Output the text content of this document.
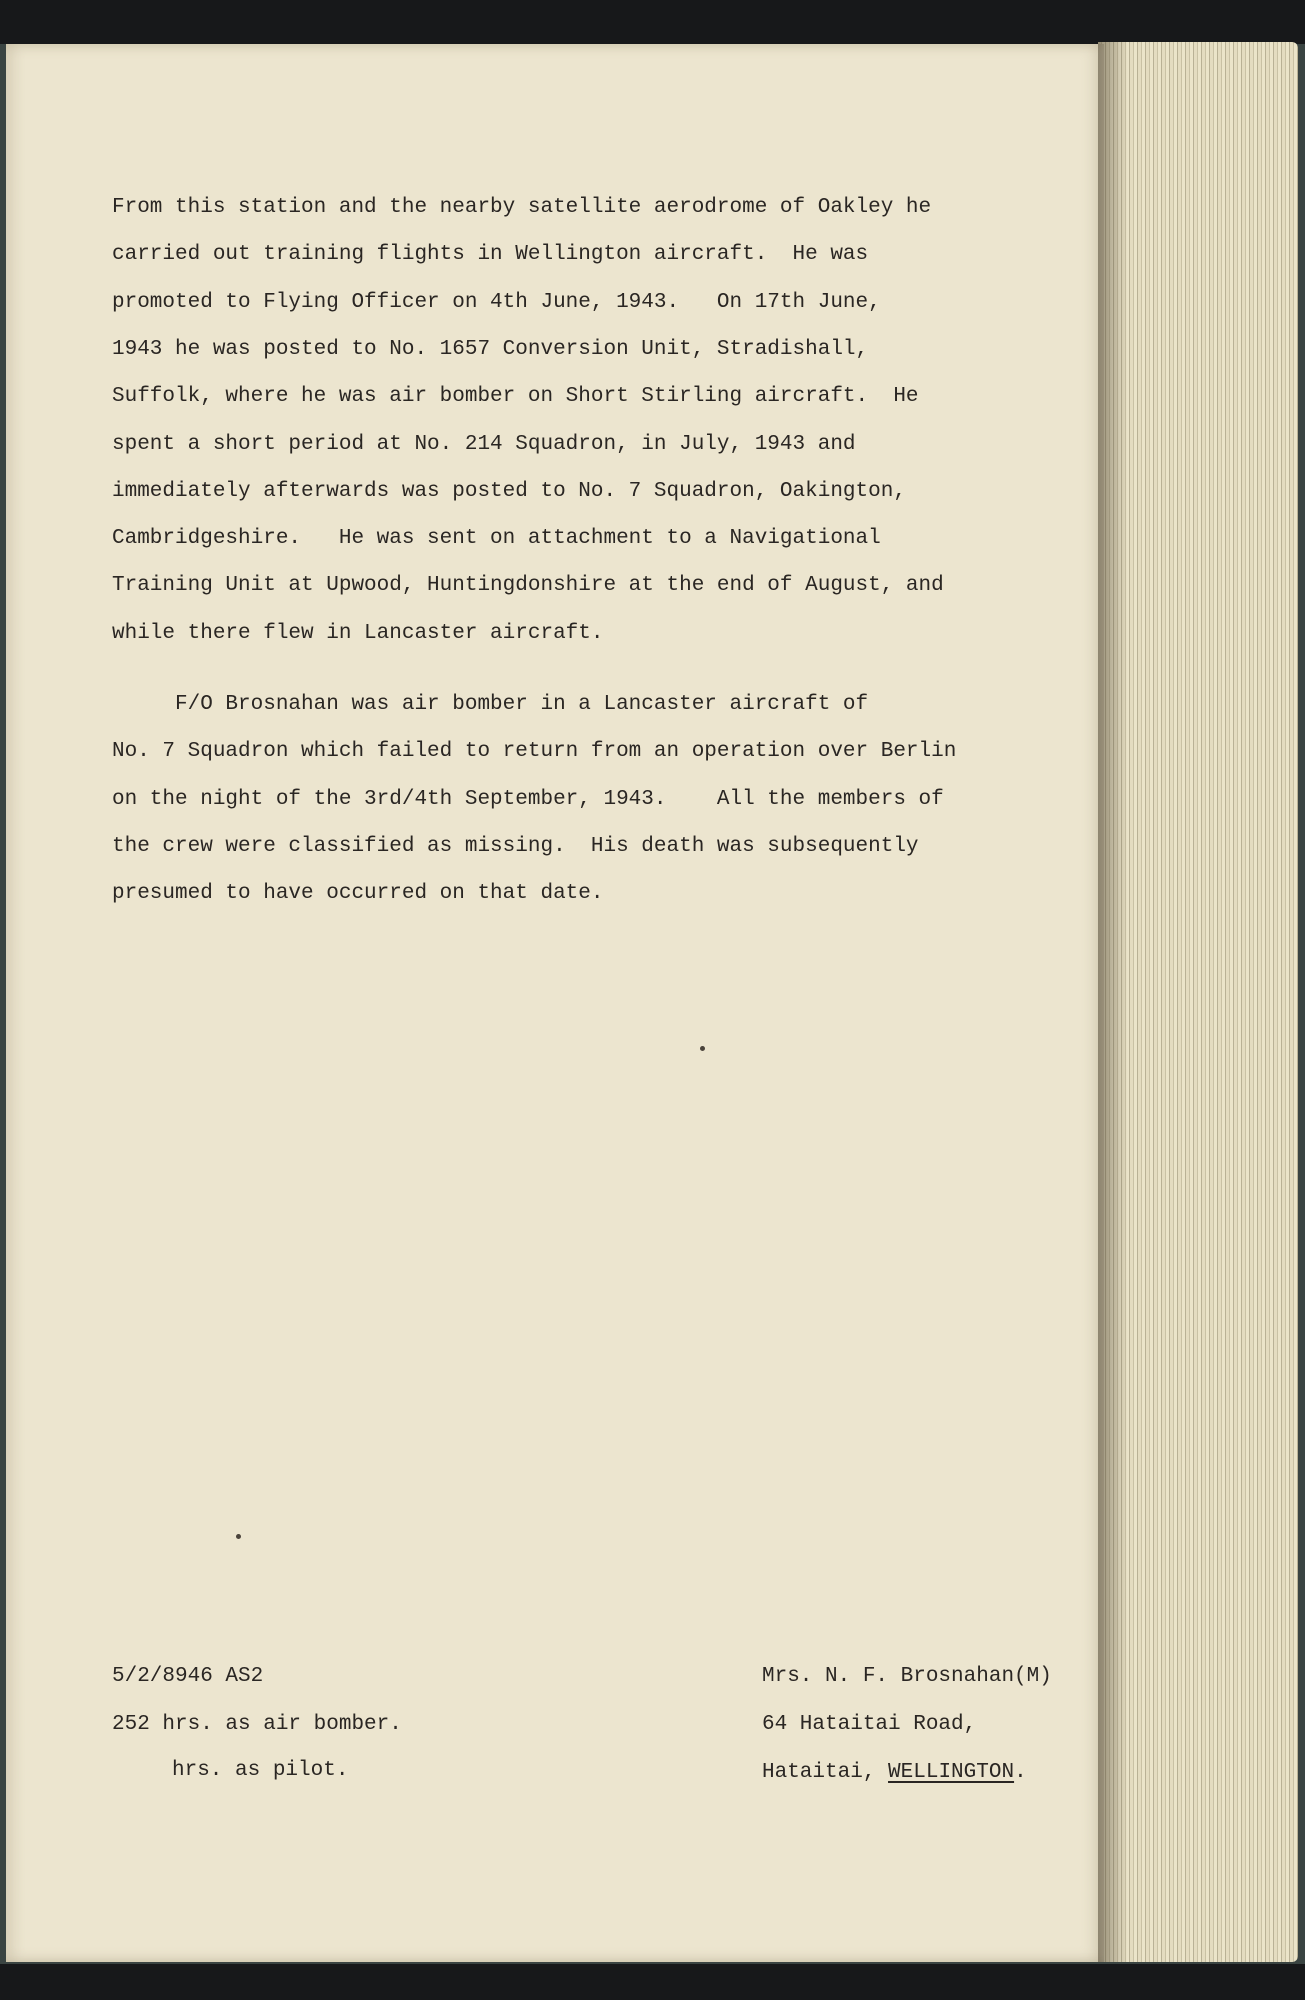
From this station and the nearby satellite aerodrome of Oakley he
carried out training flights in Wellington aircraft.  He was
promoted to Flying Officer on 4th June, 1943.   On 17th June,
1943 he was posted to No. 1657 Conversion Unit, Stradishall,
Suffolk, where he was air bomber on Short Stirling aircraft.  He
spent a short period at No. 214 Squadron, in July, 1943 and
immediately afterwards was posted to No. 7 Squadron, Oakington,
Cambridgeshire.   He was sent on attachment to a Navigational
Training Unit at Upwood, Huntingdonshire at the end of August, and
while there flew in Lancaster aircraft.
F/O Brosnahan was air bomber in a Lancaster aircraft of
No. 7 Squadron which failed to return from an operation over Berlin
on the night of the 3rd/4th September, 1943.    All the members of
the crew were classified as missing.  His death was subsequently
presumed to have occurred on that date.

5/2/8946 AS2

252 hrs. as air bomber.

hrs. as pilot.

Mrs. N. F. Brosnahan(M)

64 Hataitai Road,

Hataitai, WELLINGTON.
